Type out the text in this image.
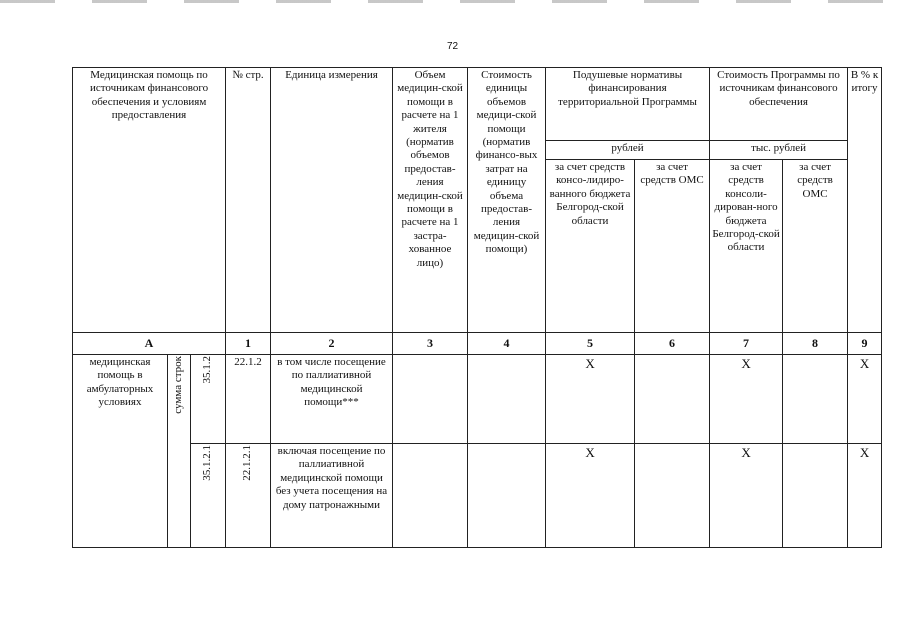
72
Медицинская помощь по источникам финансового обеспечения и условиям предоставления			№ стр.	Единица измерения	Объем медицин-ской помощи в расчете на 1 жителя (норматив объемов предостав-ления медицин-ской помощи в расчете на 1 застра-хованное лицо)	Стоимость единицы объемов медици-ской помощи (норматив финансо-вых затрат на единицу объема предостав-ления медицин-ской помощи)	Подушевые нормативы финансирования территориальной Программы		Стоимость Программы по источникам финансового обеспечения		В % к итогу
							рублей		тыс. рублей		
							за счет средств консо-лидиро-ванного бюджета Белгород-ской области	за счет средств ОМС	за счет средств консоли-дирован-ного бюджета Белгород-ской области	за счет средств ОМС	
А			1	2	3	4	5	6	7	8	9
медицинская помощь в амбулаторных условиях	сумма строк	35.1.2	22.1.2	в том числе посещение по паллиативной медицинской помощи***			Х		Х		Х
		35.1.2.1	22.1.2.1	включая посещение по паллиативной медицинской помощи без учета посещения на дому патронажными			Х		Х		Х
